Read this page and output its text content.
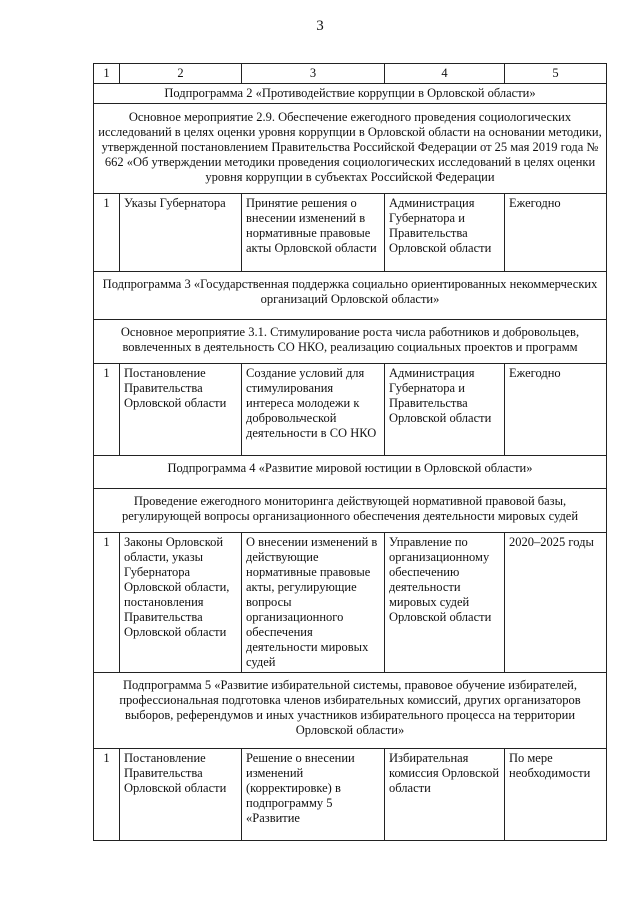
3
1	2	3	4	5
Подпрограмма 2 «Противодействие коррупции в Орловской области»				
Основное мероприятие 2.9. Обеспечение ежегодного проведения социологических исследований в целях оценки уровня коррупции в Орловской области на основании методики, утвержденной постановлением Правительства Российской Федерации от 25 мая 2019 года № 662 «Об утверждении методики проведения социологических исследований в целях оценки уровня коррупции в субъектах Российской Федерации				
1	Указы Губернатора	Принятие решения о внесении изменений в нормативные правовые акты Орловской области	Администрация Губернатора и Правительства Орловской области	Ежегодно
Подпрограмма 3 «Государственная поддержка социально ориентированных некоммерческих организаций Орловской области»				
Основное мероприятие 3.1. Стимулирование роста числа работников и добровольцев, вовлеченных в деятельность СО НКО, реализацию социальных проектов и программ				
1	Постановление Правительства Орловской области	Создание условий для стимулирования интереса молодежи к добровольческой деятельности в СО НКО	Администрация Губернатора и Правительства Орловской области	Ежегодно
Подпрограмма 4 «Развитие мировой юстиции в Орловской области»				
Проведение ежегодного мониторинга действующей нормативной правовой базы, регулирующей вопросы организационного обеспечения деятельности мировых судей				
1	Законы Орловской области, указы Губернатора Орловской области, постановления Правительства Орловской области	О внесении изменений в действующие нормативные правовые акты, регулирующие вопросы организационного обеспечения деятельности мировых судей	Управление по организационному обеспечению деятельности мировых судей Орловской области	2020–2025 годы
Подпрограмма 5 «Развитие избирательной системы, правовое обучение избирателей, профессиональная подготовка членов избирательных комиссий, других организаторов выборов, референдумов и иных участников избирательного процесса на территории Орловской области»				
1	Постановление Правительства Орловской области	Решение о внесении изменений (корректировке) в подпрограмму 5 «Развитие	Избирательная комиссия Орловской области	По мере необходимости
